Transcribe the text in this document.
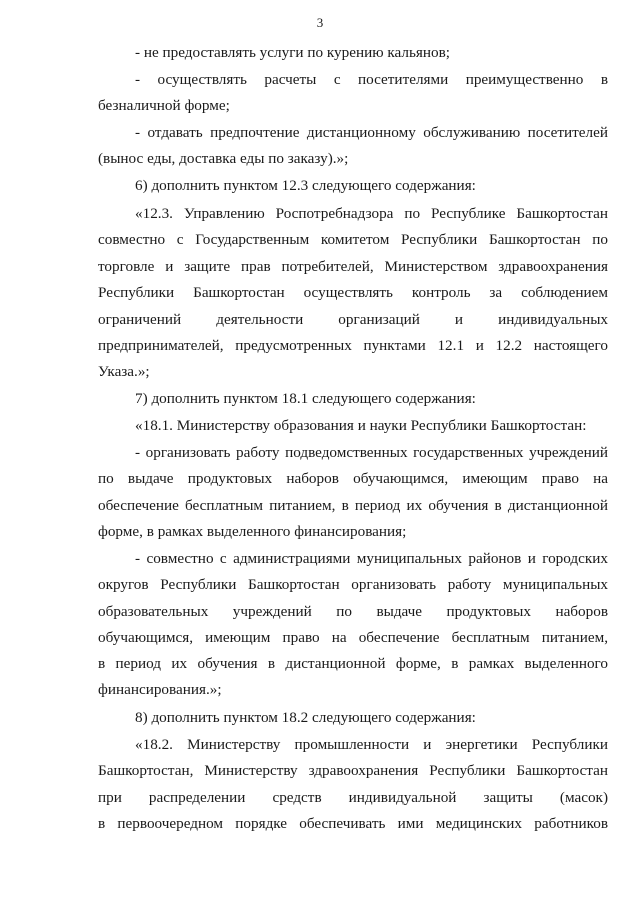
3
- не предоставлять услуги по курению кальянов;
- осуществлять расчеты с посетителями преимущественно в
безналичной форме;
- отдавать предпочтение дистанционному обслуживанию посетителей
(вынос еды, доставка еды по заказу).»;
6) дополнить пунктом 12.3 следующего содержания:
«12.3. Управлению Роспотребнадзора по Республике Башкортостан
совместно с Государственным комитетом Республики Башкортостан по
торговле и защите прав потребителей, Министерством здравоохранения
Республики Башкортостан осуществлять контроль за соблюдением
ограничений деятельности организаций и индивидуальных
предпринимателей, предусмотренных пунктами 12.1 и 12.2 настоящего
Указа.»;
7) дополнить пунктом 18.1 следующего содержания:
«18.1. Министерству образования и науки Республики Башкортостан:
- организовать работу подведомственных государственных учреждений
по выдаче продуктовых наборов обучающимся, имеющим право на
обеспечение бесплатным питанием, в период их обучения в дистанционной
форме, в рамках выделенного финансирования;
- совместно с администрациями муниципальных районов и городских
округов Республики Башкортостан организовать работу муниципальных
образовательных учреждений по выдаче продуктовых наборов
обучающимся, имеющим право на обеспечение бесплатным питанием,
в период их обучения в дистанционной форме, в рамках выделенного
финансирования.»;
8) дополнить пунктом 18.2 следующего содержания:
«18.2. Министерству промышленности и энергетики Республики
Башкортостан, Министерству здравоохранения Республики Башкортостан
при распределении средств индивидуальной защиты (масок)
в первоочередном порядке обеспечивать ими медицинских работников
